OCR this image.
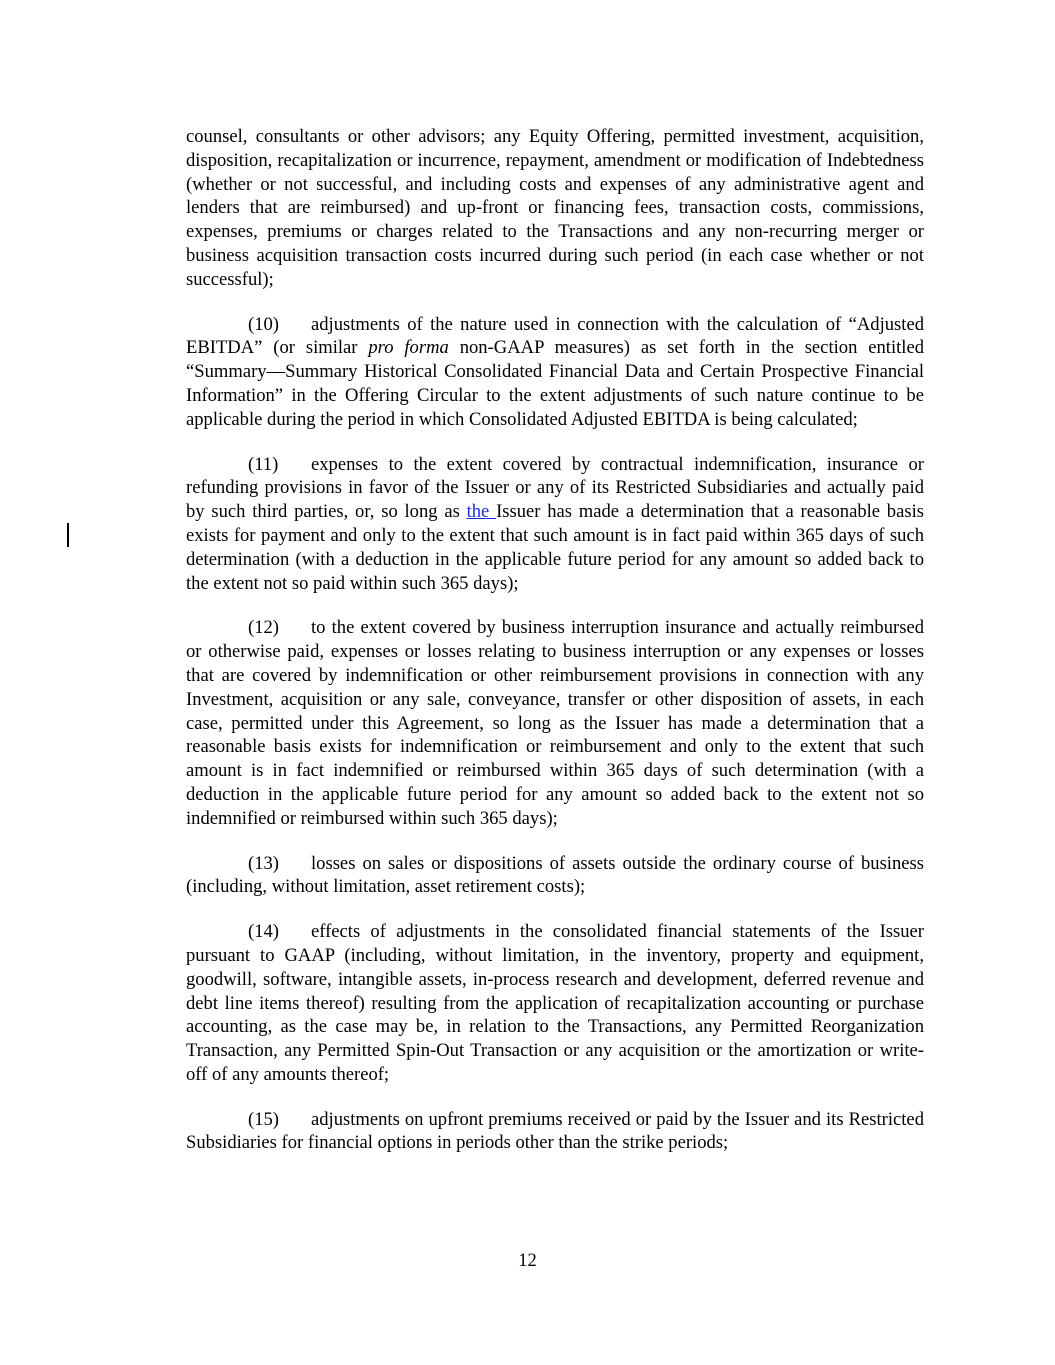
counsel, consultants or other advisors; any Equity Offering, permitted investment, acquisition, disposition, recapitalization or incurrence, repayment, amendment or modification of Indebtedness (whether or not successful, and including costs and expenses of any administrative agent and lenders that are reimbursed) and up-front or financing fees, transaction costs, commissions, expenses, premiums or charges related to the Transactions and any non-recurring merger or business acquisition transaction costs incurred during such period (in each case whether or not successful);

(10) adjustments of the nature used in connection with the calculation of “Adjusted EBITDA” (or similar pro forma non-GAAP measures) as set forth in the section entitled “Summary—Summary Historical Consolidated Financial Data and Certain Prospective Financial Information” in the Offering Circular to the extent adjustments of such nature continue to be applicable during the period in which Consolidated Adjusted EBITDA is being calculated;

(11) expenses to the extent covered by contractual indemnification, insurance or refunding provisions in favor of the Issuer or any of its Restricted Subsidiaries and actually paid by such third parties, or, so long as the Issuer has made a determination that a reasonable basis exists for payment and only to the extent that such amount is in fact paid within 365 days of such determination (with a deduction in the applicable future period for any amount so added back to the extent not so paid within such 365 days);

(12) to the extent covered by business interruption insurance and actually reimbursed or otherwise paid, expenses or losses relating to business interruption or any expenses or losses that are covered by indemnification or other reimbursement provisions in connection with any Investment, acquisition or any sale, conveyance, transfer or other disposition of assets, in each case, permitted under this Agreement, so long as the Issuer has made a determination that a reasonable basis exists for indemnification or reimbursement and only to the extent that such amount is in fact indemnified or reimbursed within 365 days of such determination (with a deduction in the applicable future period for any amount so added back to the extent not so indemnified or reimbursed within such 365 days);

(13) losses on sales or dispositions of assets outside the ordinary course of business (including, without limitation, asset retirement costs);

(14) effects of adjustments in the consolidated financial statements of the Issuer pursuant to GAAP (including, without limitation, in the inventory, property and equipment, goodwill, software, intangible assets, in-process research and development, deferred revenue and debt line items thereof) resulting from the application of recapitalization accounting or purchase accounting, as the case may be, in relation to the Transactions, any Permitted Reorganization Transaction, any Permitted Spin-Out Transaction or any acquisition or the amortization or write-off of any amounts thereof;

(15) adjustments on upfront premiums received or paid by the Issuer and its Restricted Subsidiaries for financial options in periods other than the strike periods;

12
